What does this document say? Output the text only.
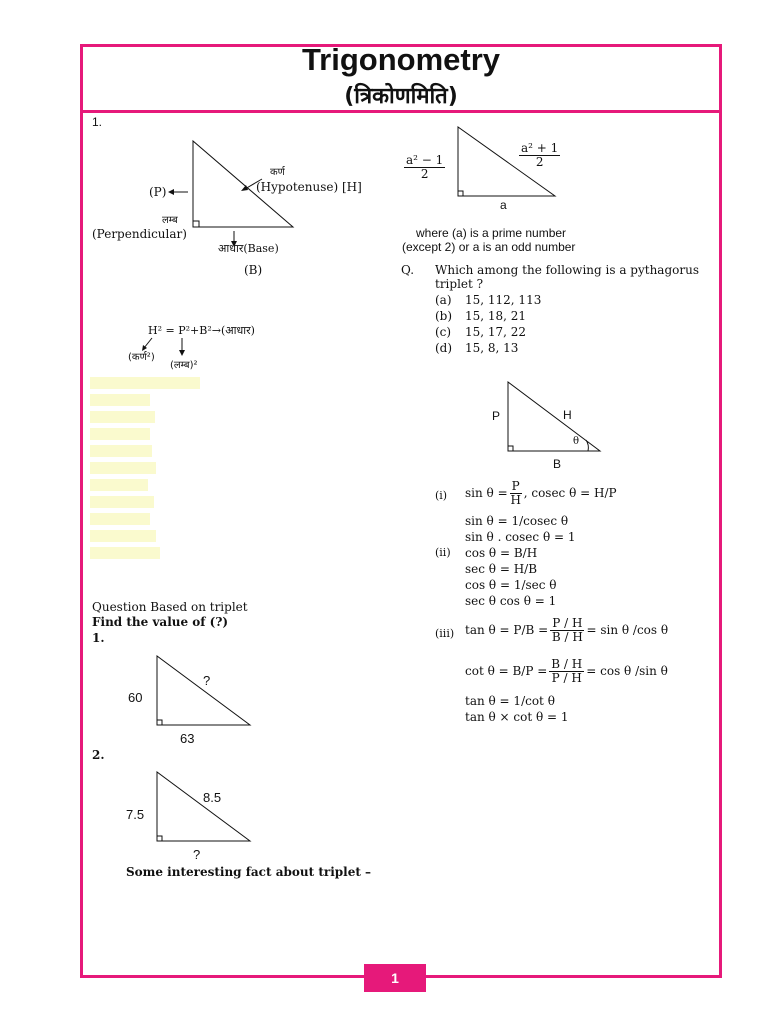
Trigonometry
(त्रिकोणमिति)
1.
कर्ण
(Hypotenuse) [H]
(P)
लम्ब
(Perpendicular)
आधार(Base)
(B)
H² = P²+B²→(आधार)
(कर्ण²)
(लम्ब)²
Question Based on triplet
Find the value of (?)
1.
60
?
63
2.
7.5
8.5
?
Some interesting fact about triplet –
$\frac{\text{a² − 1}}{2}$	$\frac{\text{a² + 1}}{2}$
a
where (a) is a prime number
(except 2) or a is an odd number
Q. Which among the following is a pythagorus
triplet ?
(a) 15, 112, 113
(b) 15, 18, 21
(c) 15, 17, 22
(d) 15, 8, 13
P	H
B
θ
(i) $\sin \theta = \frac{P}{H}$ , cosec θ = H/P
sin θ = 1/cosec θ
sin θ . cosec θ = 1
(ii) cos θ = B/H
sec θ = H/B
cos θ = 1/sec θ
sec θ cos θ = 1
(iii) $\tan \theta = P/B = \frac{P / H}{B / H} = \sin \theta$ /cos θ
$\cot \theta = B/P = \frac{B / H}{P / H} = \cos \theta$ /sin θ
tan θ = 1/cot θ
tan θ × cot θ = 1
1
